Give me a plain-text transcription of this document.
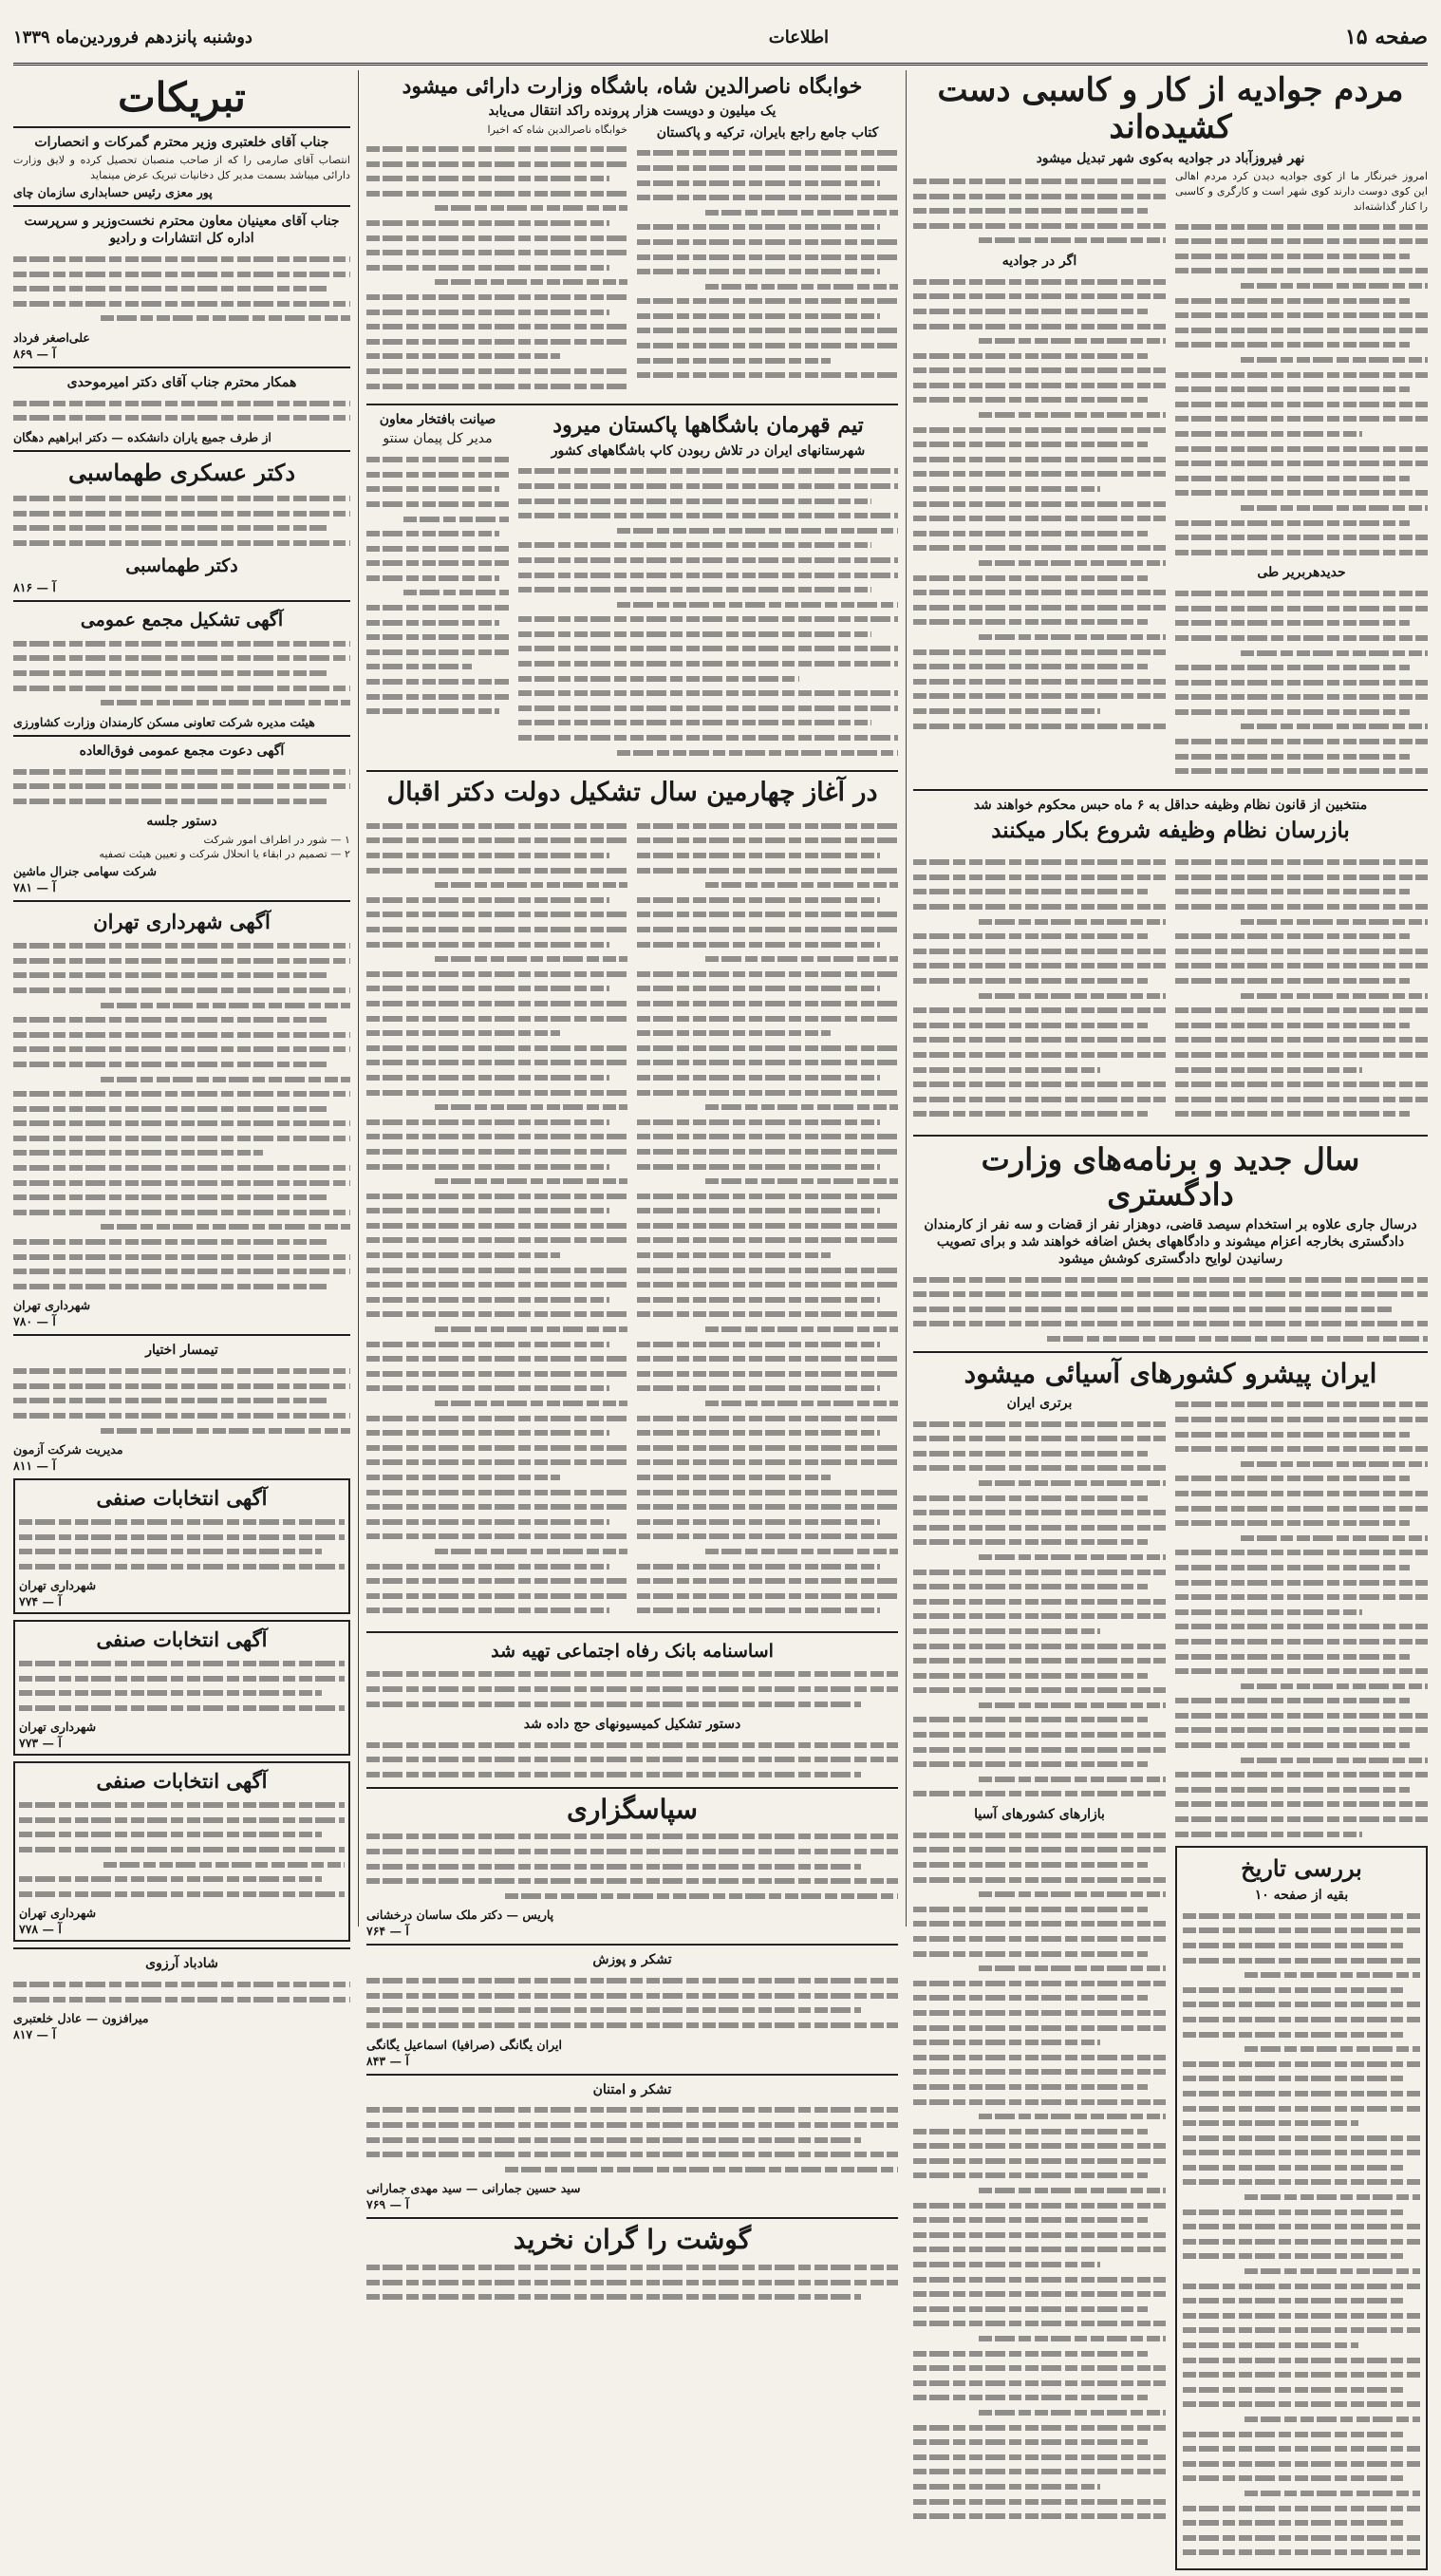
صفحه ۱۵
اطلاعات
دوشنبه پانزدهم فروردین‌ماه ۱۳۳۹
مردم جوادیه از کار و کاسبی دست کشیده‌اند
نهر فیروزآباد در جوادیه به‌کوی شهر تبدیل میشود

امروز خبرنگار ما از کوی جوادیه دیدن کرد مردم اهالی این کوی دوست‌ دارند کوی شهر است و کارگری و کاسبی را کنار گذاشته‌اند

حدیدهربریر طی
اگر در جوادیه
منتخبین از قانون نظام وظیفه حداقل به ۶ ماه حبس محکوم خواهند شد
بازرسان نظام وظیفه شروع بکار میکنند
سال جدید و برنامه‌های وزارت دادگستری
درسال جاری علاوه بر استخدام سیصد قاضی، دوهزار نفر از قضات و سه نفر از کارمندان دادگستری بخارجه اعزام میشوند و دادگاههای بخش اضافه خواهند شد و برای تصویب رسانیدن لوایح دادگستری کوشش میشود
ایران پیشرو کشورهای آسیائی میشود
بررسی تاریخ
بقیه از صفحه ۱۰
برتری ایران
بازارهای کشورهای آسیا
خوابگاه ناصرالدین شاه، باشگاه وزارت دارائی میشود
یک میلیون و دویست هزار پرونده راکد انتقال می‌یابد
کتاب جامع راجع بایران، ترکیه و پاکستان

خوابگاه ناصرالدین شاه که اخیرا

تیم قهرمان باشگاهها پاکستان میرود
شهرستانهای ایران در تلاش ربودن کاپ باشگاههای کشور
صیانت بافتخار معاون
مدیر کل پیمان سنتو
در آغاز چهارمین سال تشکیل دولت دکتر اقبال
اساسنامه بانک رفاه اجتماعی تهیه شد
دستور تشکیل کمیسیونهای حج داده شد
سپاسگزاری
پاریس — دکتر ملک ساسان درخشانی
آ — ۷۶۴
تشکر و پوزش
ایران یگانگی (صرافیا) اسماعیل یگانگی
آ — ۸۴۳
تشکر و امتنان
سید حسین جمارانی — سید مهدی جمارانی
آ — ۷۶۹
گوشت را گران نخرید
تبریکات
جناب آقای خلعتبری وزیر محترم گمرکات و انحصارات

انتصاب آقای صارمی را که از صاحب منصبان تحصیل کرده و لایق وزارت دارائی میباشد بسمت مدیر کل دخانیات تبریک عرض مینماید

پور معزی رئیس حسابداری سازمان چای
جناب آقای معینیان معاون محترم نخست‌وزیر و سرپرست اداره کل انتشارات و رادیو
علی‌اصغر فرداد
آ — ۸۶۹
همکار محترم جناب آقای دکتر امیرموحدی
از طرف جمیع یاران دانشکده — دکتر ابراهیم دهگان
دکتر عسکری طهماسبی
دکتر طهماسبی
آ — ۸۱۶
آگهی تشکیل مجمع عمومی
هیئت مدیره شرکت تعاونی مسکن کارمندان وزارت کشاورزی
آگهی دعوت مجمع عمومی فوق‌العاده
دستور جلسه

۱ — شور در اطراف امور شرکت

۲ — تصمیم در ابقاء یا انحلال شرکت و تعیین هیئت تصفیه

شرکت سهامی جنرال ماشین
آ — ۷۸۱
آگهی شهرداری تهران
شهرداری تهران
آ — ۷۸۰
تیمسار اختیار
مدیریت شرکت آزمون
آ — ۸۱۱
آگهی انتخابات صنفی
شهرداری تهران
آ — ۷۷۴
آگهی انتخابات صنفی
شهرداری تهران
آ — ۷۷۳
آگهی انتخابات صنفی
شهرداری تهران
آ — ۷۷۸
شادباد آرزوی
میرافزون — عادل خلعتبری
آ — ۸۱۷
